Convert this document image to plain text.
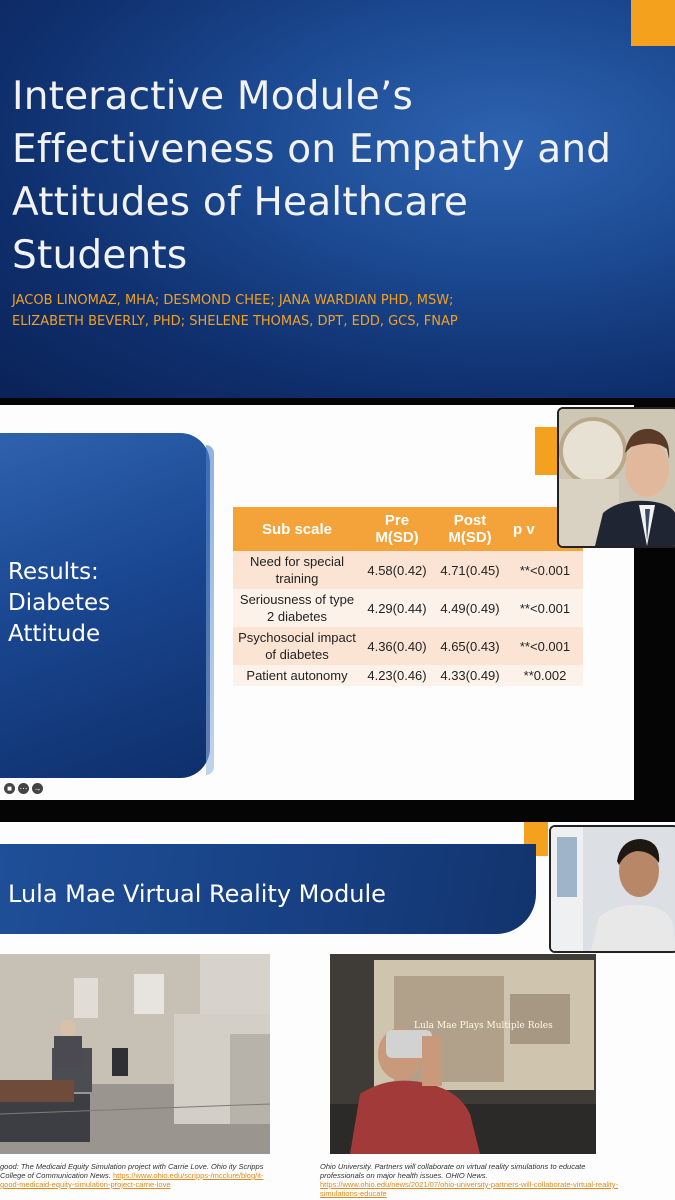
Interactive Module’s Effectiveness on Empathy and Attitudes of Healthcare Students
JACOB LINOMAZ, MHA; DESMOND CHEE; JANA WARDIAN PHD, MSW;
ELIZABETH BEVERLY, PHD; SHELENE THOMAS, DPT, EDD, GCS, FNAP
Results:
Diabetes
Attitude
Sub scale	Pre M(SD)	Post M(SD)	p v
Need for special training	4.58(0.42)	4.71(0.45)	**<0.001
Seriousness of type 2 diabetes	4.29(0.44)	4.49(0.49)	**<0.001
Psychosocial impact of diabetes	4.36(0.40)	4.65(0.43)	**<0.001
Patient autonomy	4.23(0.46)	4.33(0.49)	**0.002
■ ⋯ →
Lula Mae Virtual Reality Module
Lula Mae Plays Multiple Roles
good: The Medicaid Equity Simulation project with Carrie Love. Ohio ity Scripps College of Communication News. https://www.ohio.edu/scripps-/mcclure/blog/it-good-medicaid-equity-simulation-project-carrie-love
Ohio University. Partners will collaborate on virtual reality simulations to educate professionals on major health issues. OHIO News. https://www.ohio.edu/news/2021/07/ohio-university-partners-will-collaborate-virtual-reality-simulations-educate
